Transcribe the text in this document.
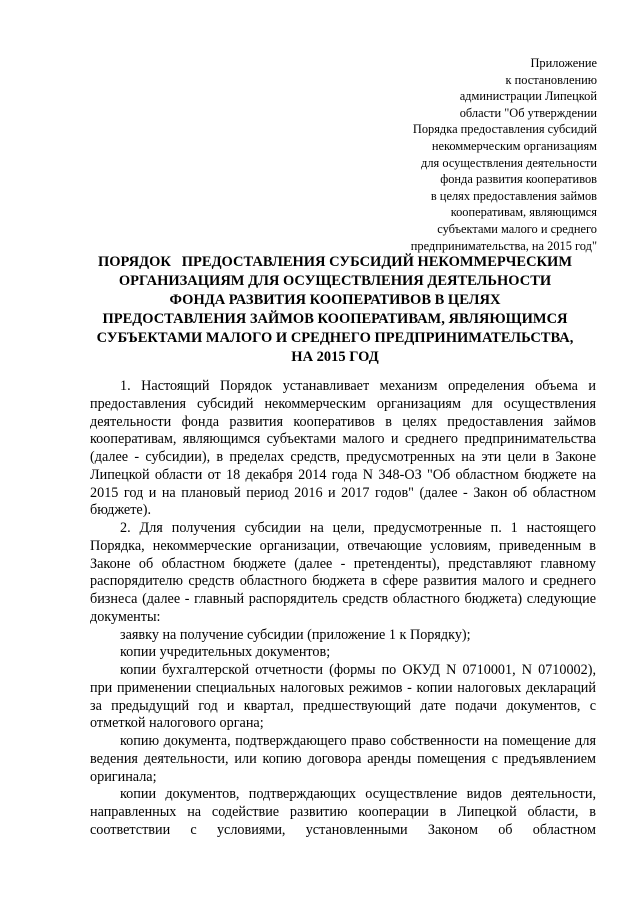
Приложение
к постановлению
администрации Липецкой
области "Об утверждении
Порядка предоставления субсидий
некоммерческим организациям
для осуществления деятельности
фонда развития кооперативов
в целях предоставления займов
кооперативам, являющимся
субъектами малого и среднего
предпринимательства, на 2015 год"
ПОРЯДОК   ПРЕДОСТАВЛЕНИЯ СУБСИДИЙ НЕКОММЕРЧЕСКИМ
ОРГАНИЗАЦИЯМ ДЛЯ ОСУЩЕСТВЛЕНИЯ ДЕЯТЕЛЬНОСТИ
ФОНДА РАЗВИТИЯ КООПЕРАТИВОВ В ЦЕЛЯХ
ПРЕДОСТАВЛЕНИЯ ЗАЙМОВ КООПЕРАТИВАМ, ЯВЛЯЮЩИМСЯ
СУБЪЕКТАМИ МАЛОГО И СРЕДНЕГО ПРЕДПРИНИМАТЕЛЬСТВА,
НА 2015 ГОД

1. Настоящий Порядок устанавливает механизм определения объема и предоставления субсидий некоммерческим организациям для осуществления деятельности фонда развития кооперативов в целях предоставления займов кооперативам, являющимся субъектами малого и среднего предпринимательства (далее - субсидии), в пределах средств, предусмотренных на эти цели в Законе Липецкой области от 18 декабря 2014 года N 348-ОЗ "Об областном бюджете на 2015 год и на плановый период 2016 и 2017 годов" (далее - Закон об областном бюджете).

2. Для получения субсидии на цели, предусмотренные п. 1 настоящего Порядка, некоммерческие организации, отвечающие условиям, приведенным в Законе об областном бюджете (далее - претенденты), представляют главному распорядителю средств областного бюджета в сфере развития малого и среднего бизнеса (далее - главный распорядитель средств областного бюджета) следующие документы:

заявку на получение субсидии (приложение 1 к Порядку);

копии учредительных документов;

копии бухгалтерской отчетности (формы по ОКУД N 0710001, N 0710002), при применении специальных налоговых режимов - копии налоговых деклараций за предыдущий год и квартал, предшествующий дате подачи документов, с отметкой налогового органа;

копию документа, подтверждающего право собственности на помещение для ведения деятельности, или копию договора аренды помещения с предъявлением оригинала;

копии документов, подтверждающих осуществление видов деятельности, направленных на содействие развитию кооперации в Липецкой области, в соответствии с условиями, установленными Законом об областном
